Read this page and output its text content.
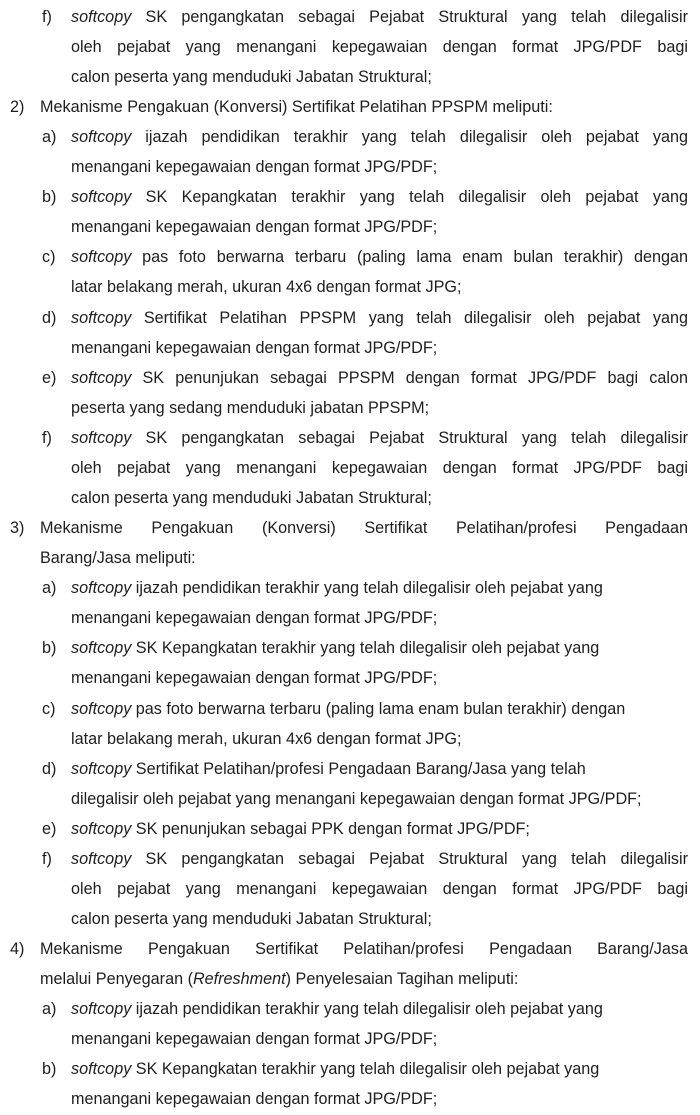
f) softcopy SK pengangkatan sebagai Pejabat Struktural yang telah dilegalisir
oleh pejabat yang menangani kepegawaian dengan format JPG/PDF bagi
calon peserta yang menduduki Jabatan Struktural;
2) Mekanisme Pengakuan (Konversi) Sertifikat Pelatihan PPSPM meliputi:
a) softcopy ijazah pendidikan terakhir yang telah dilegalisir oleh pejabat yang
menangani kepegawaian dengan format JPG/PDF;
b) softcopy SK Kepangkatan terakhir yang telah dilegalisir oleh pejabat yang
menangani kepegawaian dengan format JPG/PDF;
c) softcopy pas foto berwarna terbaru (paling lama enam bulan terakhir) dengan
latar belakang merah, ukuran 4x6 dengan format JPG;
d) softcopy Sertifikat Pelatihan PPSPM yang telah dilegalisir oleh pejabat yang
menangani kepegawaian dengan format JPG/PDF;
e) softcopy SK penunjukan sebagai PPSPM dengan format JPG/PDF bagi calon
peserta yang sedang menduduki jabatan PPSPM;
f) softcopy SK pengangkatan sebagai Pejabat Struktural yang telah dilegalisir
oleh pejabat yang menangani kepegawaian dengan format JPG/PDF bagi
calon peserta yang menduduki Jabatan Struktural;
3) Mekanisme Pengakuan (Konversi) Sertifikat Pelatihan/profesi Pengadaan
Barang/Jasa meliputi:
a) softcopy ijazah pendidikan terakhir yang telah dilegalisir oleh pejabat yang
menangani kepegawaian dengan format JPG/PDF;
b) softcopy SK Kepangkatan terakhir yang telah dilegalisir oleh pejabat yang
menangani kepegawaian dengan format JPG/PDF;
c) softcopy pas foto berwarna terbaru (paling lama enam bulan terakhir) dengan
latar belakang merah, ukuran 4x6 dengan format JPG;
d) softcopy Sertifikat Pelatihan/profesi Pengadaan Barang/Jasa yang telah
dilegalisir oleh pejabat yang menangani kepegawaian dengan format JPG/PDF;
e) softcopy SK penunjukan sebagai PPK dengan format JPG/PDF;
f) softcopy SK pengangkatan sebagai Pejabat Struktural yang telah dilegalisir
oleh pejabat yang menangani kepegawaian dengan format JPG/PDF bagi
calon peserta yang menduduki Jabatan Struktural;
4) Mekanisme Pengakuan Sertifikat Pelatihan/profesi Pengadaan Barang/Jasa
melalui Penyegaran (Refreshment) Penyelesaian Tagihan meliputi:
a) softcopy ijazah pendidikan terakhir yang telah dilegalisir oleh pejabat yang
menangani kepegawaian dengan format JPG/PDF;
b) softcopy SK Kepangkatan terakhir yang telah dilegalisir oleh pejabat yang
menangani kepegawaian dengan format JPG/PDF;
